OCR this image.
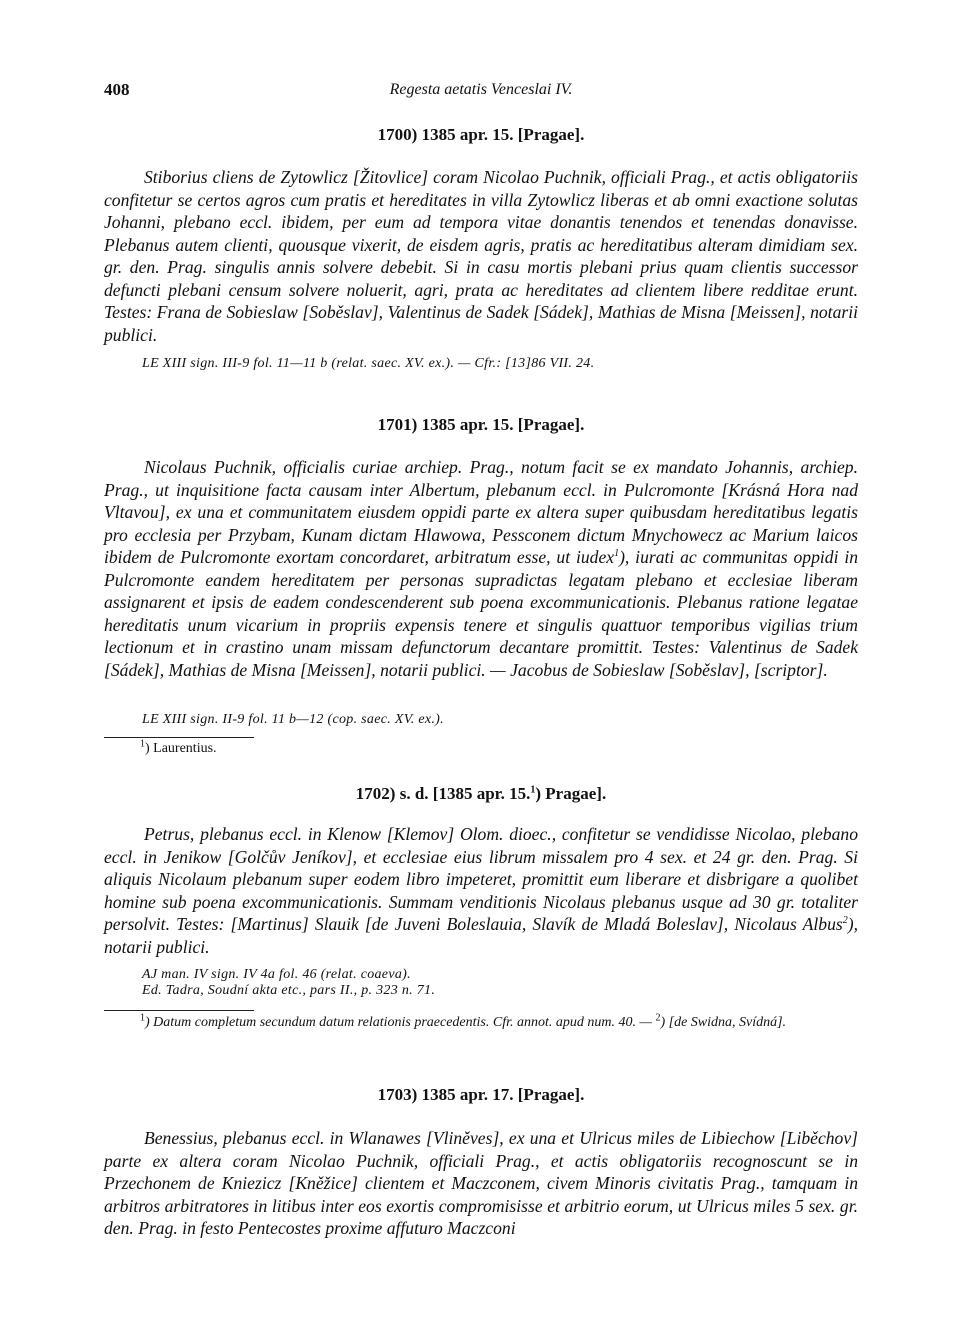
408	Regesta aetatis Venceslai IV.
1700) 1385 apr. 15. [Pragae].

Stiborius cliens de Zytowlicz [Žitovlice] coram Nicolao Puchnik, officiali Prag., et actis obligatoriis confitetur se certos agros cum pratis et hereditates in villa Zytowlicz liberas et ab omni exactione solutas Johanni, plebano eccl. ibidem, per eum ad tempora vitae donantis tenendos et tenendas donavisse. Plebanus autem clienti, quousque vixerit, de eisdem agris, pratis ac hereditatibus alteram dimidiam sex. gr. den. Prag. singulis annis solvere debebit. Si in casu mortis plebani prius quam clientis successor defuncti plebani censum solvere noluerit, agri, prata ac hereditates ad clientem libere redditae erunt. Testes: Frana de Sobieslaw [Soběslav], Valentinus de Sadek [Sádek], Mathias de Misna [Meissen], notarii publici.

LE XIII sign. III-9 fol. 11—11 b (relat. saec. XV. ex.). — Cfr.: [13]86 VII. 24.
1701) 1385 apr. 15. [Pragae].

Nicolaus Puchnik, officialis curiae archiep. Prag., notum facit se ex mandato Johannis, archiep. Prag., ut inquisitione facta causam inter Albertum, plebanum eccl. in Pulcromonte [Krásná Hora nad Vltavou], ex una et communitatem eiusdem oppidi parte ex altera super quibusdam hereditatibus legatis pro ecclesia per Przybam, Kunam dictam Hlawowa, Pessconem dictum Mnychowecz ac Marium laicos ibidem de Pulcromonte exortam concordaret, arbitratum esse, ut iudex$^1$), iurati ac communitas oppidi in Pulcromonte eandem hereditatem per personas supradictas legatam plebano et ecclesiae liberam assignarent et ipsis de eadem condescenderent sub poena excommunicationis. Plebanus ratione legatae hereditatis unum vicarium in propriis expensis tenere et singulis quattuor temporibus vigilias trium lectionum et in crastino unam missam defunctorum decantare promittit. Testes: Valentinus de Sadek [Sádek], Mathias de Misna [Meissen], notarii publici. — Jacobus de Sobieslaw [Soběslav], [scriptor].

LE XIII sign. II-9 fol. 11 b—12 (cop. saec. XV. ex.).
$^1$) Laurentius.
1702) s. d. [1385 apr. 15.$^1$) Pragae].

Petrus, plebanus eccl. in Klenow [Klemov] Olom. dioec., confitetur se vendidisse Nicolao, plebano eccl. in Jenikow [Golčův Jeníkov], et ecclesiae eius librum missalem pro 4 sex. et 24 gr. den. Prag. Si aliquis Nicolaum plebanum super eodem libro impeteret, promittit eum liberare et disbrigare a quolibet homine sub poena excommunicationis. Summam venditionis Nicolaus plebanus usque ad 30 gr. totaliter persolvit. Testes: [Martinus] Slauik [de Juveni Boleslauia, Slavík de Mladá Boleslav], Nicolaus Albus$^2$), notarii publici.

AJ man. IV sign. IV 4a fol. 46 (relat. coaeva).
Ed. Tadra, Soudní akta etc., pars II., p. 323 n. 71.
$^1$) Datum completum secundum datum relationis praecedentis. Cfr. annot. apud num. 40. — $^2$) [de Swidna, Svídná].
1703) 1385 apr. 17. [Pragae].

Benessius, plebanus eccl. in Wlanawes [Vliněves], ex una et Ulricus miles de Libiechow [Liběchov] parte ex altera coram Nicolao Puchnik, officiali Prag., et actis obligatoriis recognoscunt se in Przechonem de Kniezicz [Kněžice] clientem et Maczconem, civem Minoris civitatis Prag., tamquam in arbitros arbitratores in litibus inter eos exortis compromisisse et arbitrio eorum, ut Ulricus miles 5 sex. gr. den. Prag. in festo Pentecostes proxime affuturo Maczconi
